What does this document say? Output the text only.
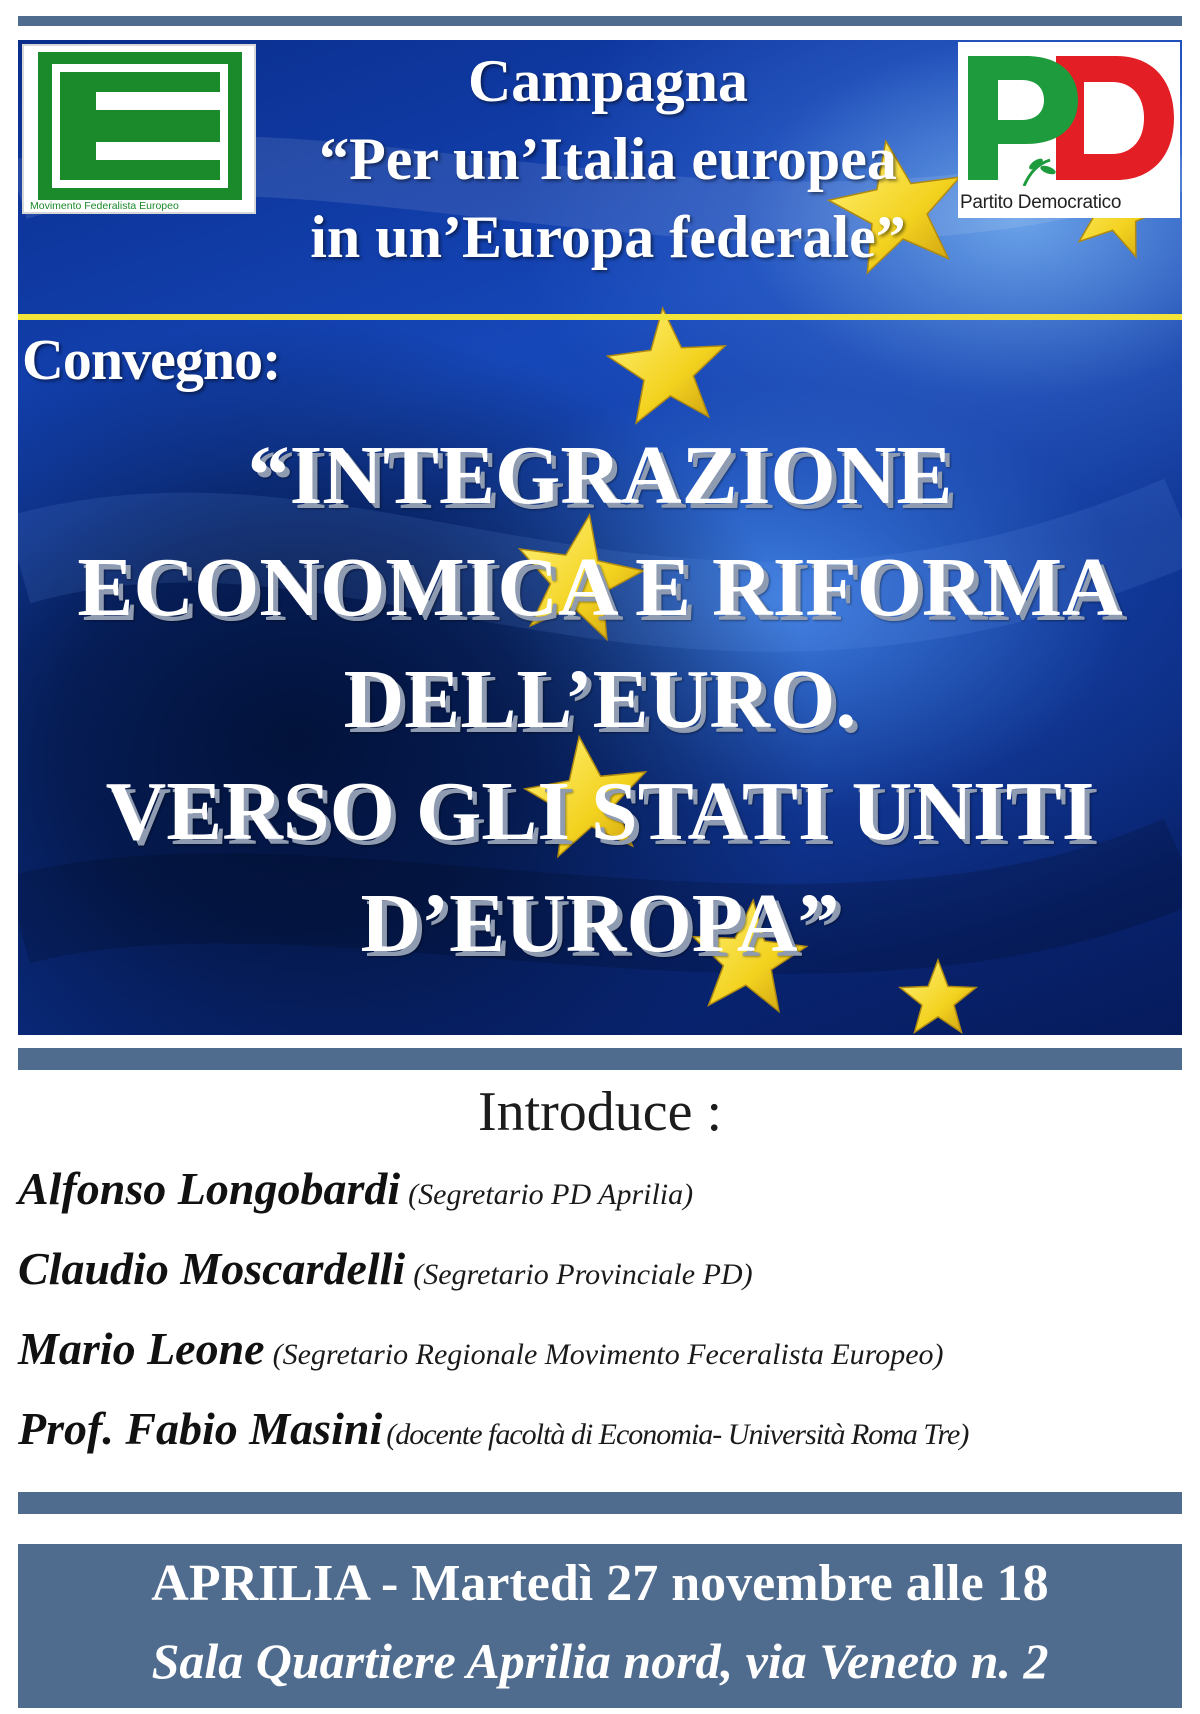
Movimento Federalista Europeo
Campagna
“Per un’Italia europea
in un’Europa federale”
Partito Democratico
Convegno:
“INTEGRAZIONE
ECONOMICA E RIFORMA
DELL’EURO.
VERSO GLI STATI UNITI
D’EUROPA”
Introduce :
Alfonso Longobardi (Segretario PD Aprilia)
Claudio Moscardelli (Segretario Provinciale PD)
Mario Leone (Segretario Regionale Movimento Feceralista Europeo)
Prof. Fabio Masini (docente facoltà di Economia- Università Roma Tre)
APRILIA - Martedì 27 novembre alle 18
Sala Quartiere Aprilia nord, via Veneto n. 2
